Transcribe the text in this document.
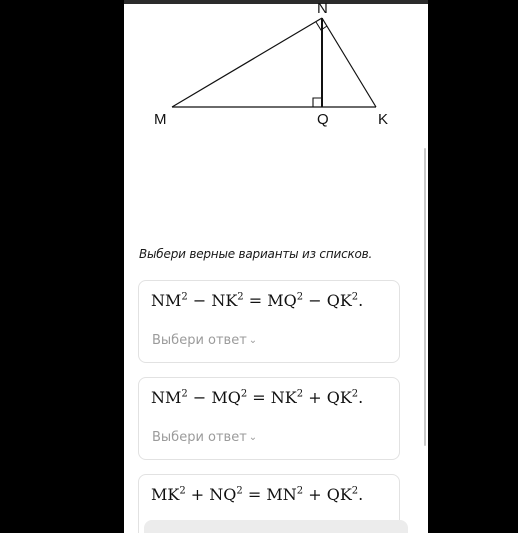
N
M	Q	K
Выбери верные варианты из списков.
$NM^2 - NK^2 = MQ^2 - QK^2$.
Выбери ответ ⌄
$NM^2 - MQ^2 = NK^2 + QK^2$.
Выбери ответ ⌄
$MK^2 + NQ^2 = MN^2 + QK^2$.
